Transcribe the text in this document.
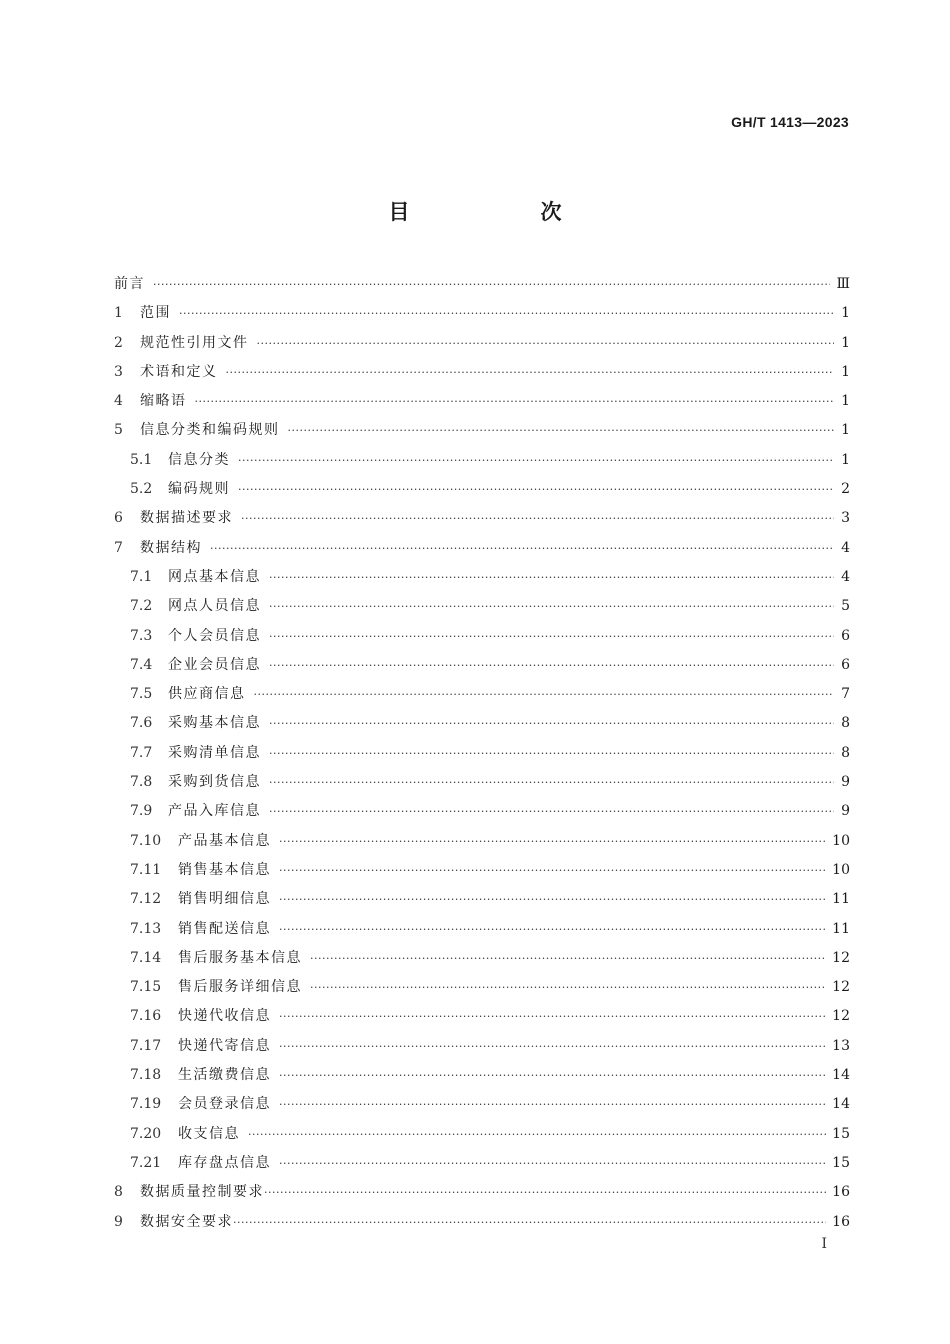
GH/T 1413—2023
目　次
前言 ·····	Ⅲ
1	范围 ·····	1
2	规范性引用文件 ·····	1
3	术语和定义 ·····	1
4	缩略语 ·····	1
5	信息分类和编码规则 ·····	1
5.1	信息分类 ·····	1
5.2	编码规则 ·····	2
6	数据描述要求 ·····	3
7	数据结构 ·····	4
7.1	网点基本信息 ·····	4
7.2	网点人员信息 ·····	5
7.3	个人会员信息 ·····	6
7.4	企业会员信息 ·····	6
7.5	供应商信息 ·····	7
7.6	采购基本信息 ·····	8
7.7	采购清单信息 ·····	8
7.8	采购到货信息 ·····	9
7.9	产品入库信息 ·····	9
7.10	产品基本信息 ·····	10
7.11	销售基本信息 ·····	10
7.12	销售明细信息 ·····	11
7.13	销售配送信息 ·····	11
7.14	售后服务基本信息 ·····	12
7.15	售后服务详细信息 ·····	12
7.16	快递代收信息 ·····	12
7.17	快递代寄信息 ·····	13
7.18	生活缴费信息 ·····	14
7.19	会员登录信息 ·····	14
7.20	收支信息 ·····	15
7.21	库存盘点信息 ·····	15
8	数据质量控制要求 ·····	16
9	数据安全要求 ·····	16
I
